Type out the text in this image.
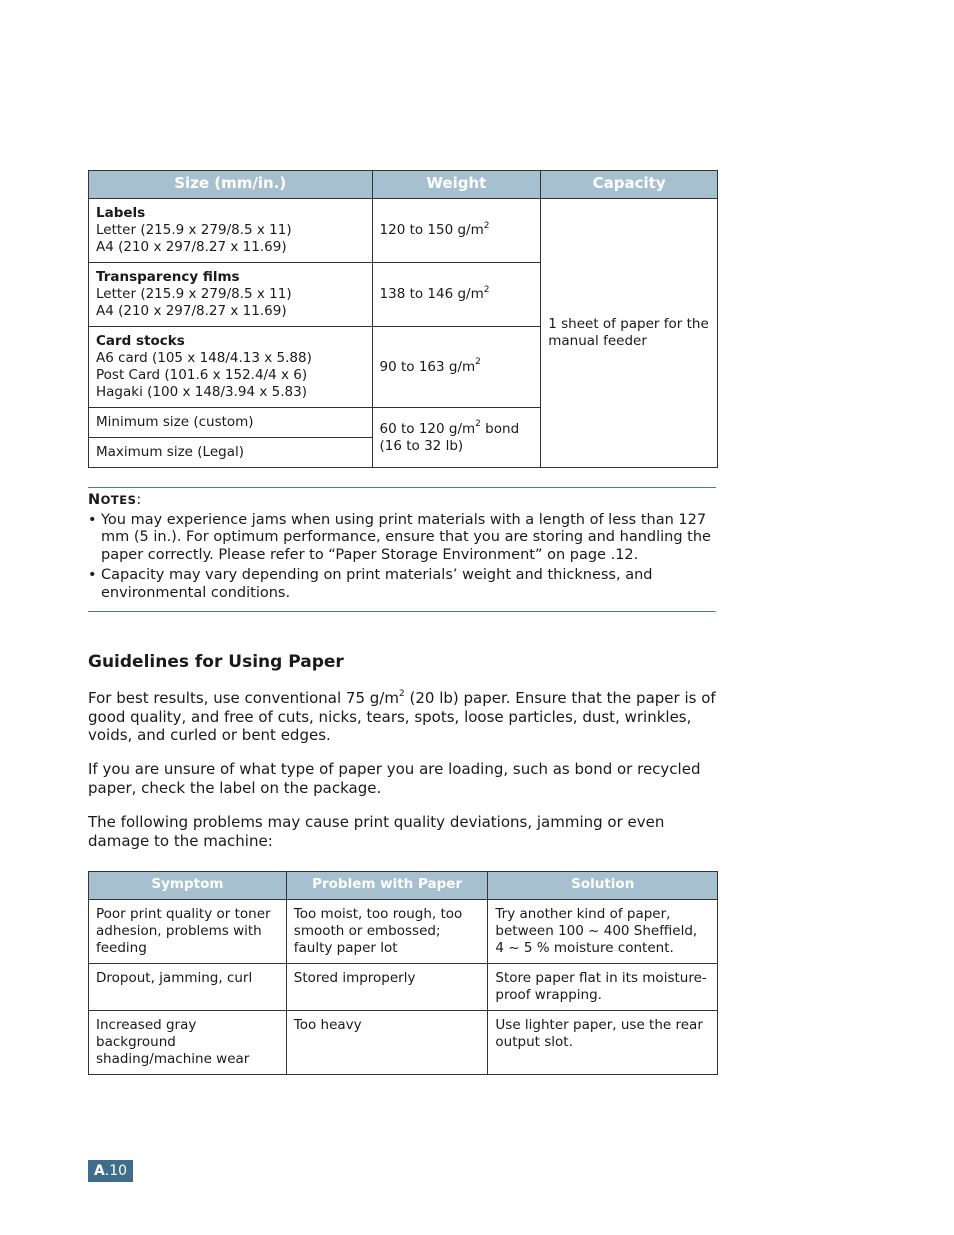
Size (mm/in.)	Weight	Capacity

Labels
Letter (215.9 x 279/8.5 x 11)
A4 (210 x 297/8.27 x 11.69)	120 to 150 $g/m^2$	1 sheet of paper for the manual feeder

Transparency films
Letter (215.9 x 279/8.5 x 11)
A4 (210 x 297/8.27 x 11.69)	138 to 146 $g/m^2$

Card stocks
A6 card (105 x 148/4.13 x 5.88)
Post Card (101.6 x 152.4/4 x 6)
Hagaki (100 x 148/3.94 x 5.83)	90 to 163 $g/m^2$
Minimum size (custom)	60 to 120 $g/m^2$ bond
(16 to 32 lb)	

Maximum size (Legal)		
NOTES:
• You may experience jams when using print materials with a length of less than 127 mm (5 in.). For optimum performance, ensure that you are storing and handling the paper correctly. Please refer to “Paper Storage Environment” on page .12.
• Capacity may vary depending on print materials’ weight and thickness, and environmental conditions.
Guidelines for Using Paper

For best results, use conventional 75 $g/m^2$ (20 lb) paper. Ensure that the paper is of good quality, and free of cuts, nicks, tears, spots, loose particles, dust, wrinkles, voids, and curled or bent edges.

If you are unsure of what type of paper you are loading, such as bond or recycled paper, check the label on the package.

The following problems may cause print quality deviations, jamming or even damage to the machine:

Symptom	Problem with Paper	Solution
Poor print quality or toner adhesion, problems with feeding	Too moist, too rough, too smooth or embossed; faulty paper lot	Try another kind of paper, between 100 ~ 400 Sheffield, 4 ~ 5 % moisture content.
Dropout, jamming, curl	Stored improperly	Store paper flat in its moisture-proof wrapping.
Increased gray background shading/machine wear	Too heavy	Use lighter paper, use the rear output slot.
A.10
